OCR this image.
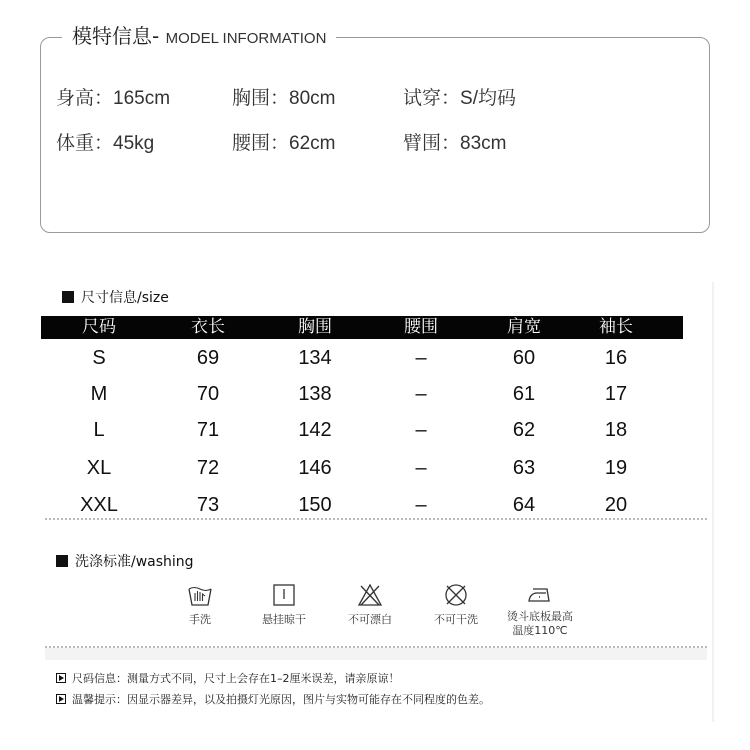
模特信息- MODEL INFORMATION
身高：165cm	胸围：80cm	试穿：S/均码
体重：45kg	腰围：62cm	臂围：83cm
尺寸信息/size
尺码	衣长	胸围	腰围	肩宽	袖长
S	69	134	–	60	16
M	70	138	–	61	17
L	71	142	–	62	18
XL	72	146	–	63	19
XXL	73	150	–	64	20
洗涤标准/washing
手洗	悬挂晾干	不可漂白	不可干洗	烫斗底板最高
温度110℃
尺码信息：测量方式不同，尺寸上会存在1–2厘米误差，请亲原谅！
温馨提示：因显示器差异，以及拍摄灯光原因，图片与实物可能存在不同程度的色差。
